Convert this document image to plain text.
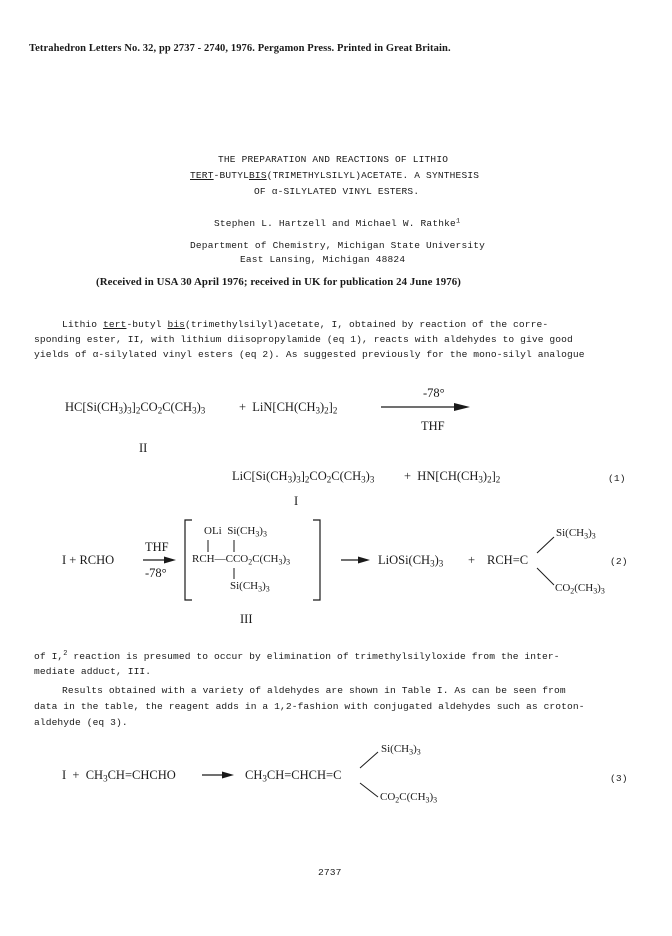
Tetrahedron Letters No. 32, pp 2737 - 2740, 1976. Pergamon Press. Printed in Great Britain.
THE PREPARATION AND REACTIONS OF LITHIO
TERT-BUTYLBIS(TRIMETHYLSILYL)ACETATE. A SYNTHESIS
OF α-SILYLATED VINYL ESTERS.
Stephen L. Hartzell and Michael W. Rathke$^1$
Department of Chemistry, Michigan State University
East Lansing, Michigan 48824
(Received in USA 30 April 1976; received in UK for publication 24 June 1976)
Lithio tert-butyl bis(trimethylsilyl)acetate, I, obtained by reaction of the corre-
sponding ester, II, with lithium diisopropylamide (eq 1), reacts with aldehydes to give good
yields of α-silylated vinyl esters (eq 2). As suggested previously for the mono-silyl analogue
$HC[Si(CH_3)_3]_2CO_2C(CH_3)_3$	+  $LiN[CH(CH_3)_2]_2$
-78°
THF
II
$LiC[Si(CH_3)_3]_2CO_2C(CH_3)_3 + HN[CH(CH_3)_2]_2$	(1)
I
I + RCHO
THF
-78°
OLi  $Si(CH_3)_3$
$RCH—CCO_2C(CH_3)_3$
$Si(CH_3)_3$
III
$LiOSi(CH_3)_3 + RCH=C$
$Si(CH_3)_3$
$CO_2(CH_3)_3$
(2)
of I,$^2$ reaction is presumed to occur by elimination of trimethylsilyloxide from the inter-
mediate adduct, III.
Results obtained with a variety of aldehydes are shown in Table I. As can be seen from
data in the table, the reagent adds in a 1,2-fashion with conjugated aldehydes such as croton-
aldehyde (eq 3).
$I + CH_3CH=CHCHO$	$CH_3CH=CHCH=C$
$Si(CH_3)_3$
$CO_2C(CH_3)_3$
(3)
2737
